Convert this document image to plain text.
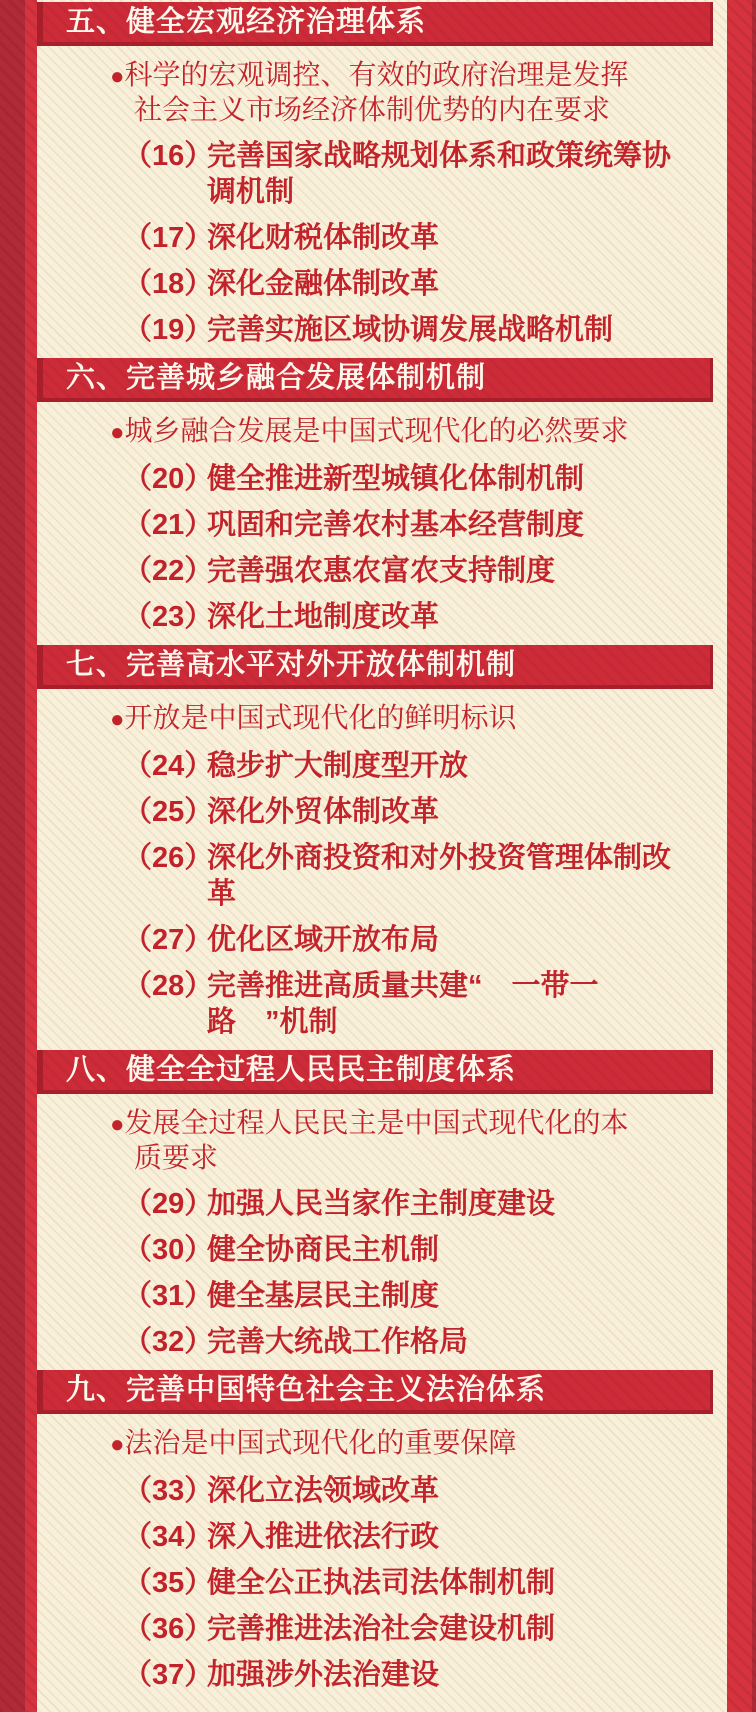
五、健全宏观经济治理体系

●科学的宏观调控、有效的政府治理是发挥社会主义市场经济体制优势的内在要求

（16）完善国家战略规划体系和政策统筹协调机制

（17）深化财税体制改革

（18）深化金融体制改革

（19）完善实施区域协调发展战略机制

六、完善城乡融合发展体制机制

●城乡融合发展是中国式现代化的必然要求

（20）健全推进新型城镇化体制机制

（21）巩固和完善农村基本经营制度

（22）完善强农惠农富农支持制度

（23）深化土地制度改革

七、完善高水平对外开放体制机制

●开放是中国式现代化的鲜明标识

（24）稳步扩大制度型开放

（25）深化外贸体制改革

（26）深化外商投资和对外投资管理体制改革

（27）优化区域开放布局

（28）完善推进高质量共建“　一带一路　”机制

八、健全全过程人民民主制度体系

●发展全过程人民民主是中国式现代化的本质要求

（29）加强人民当家作主制度建设

（30）健全协商民主机制

（31）健全基层民主制度

（32）完善大统战工作格局

九、完善中国特色社会主义法治体系

●法治是中国式现代化的重要保障

（33）深化立法领域改革

（34）深入推进依法行政

（35）健全公正执法司法体制机制

（36）完善推进法治社会建设机制

（37）加强涉外法治建设
